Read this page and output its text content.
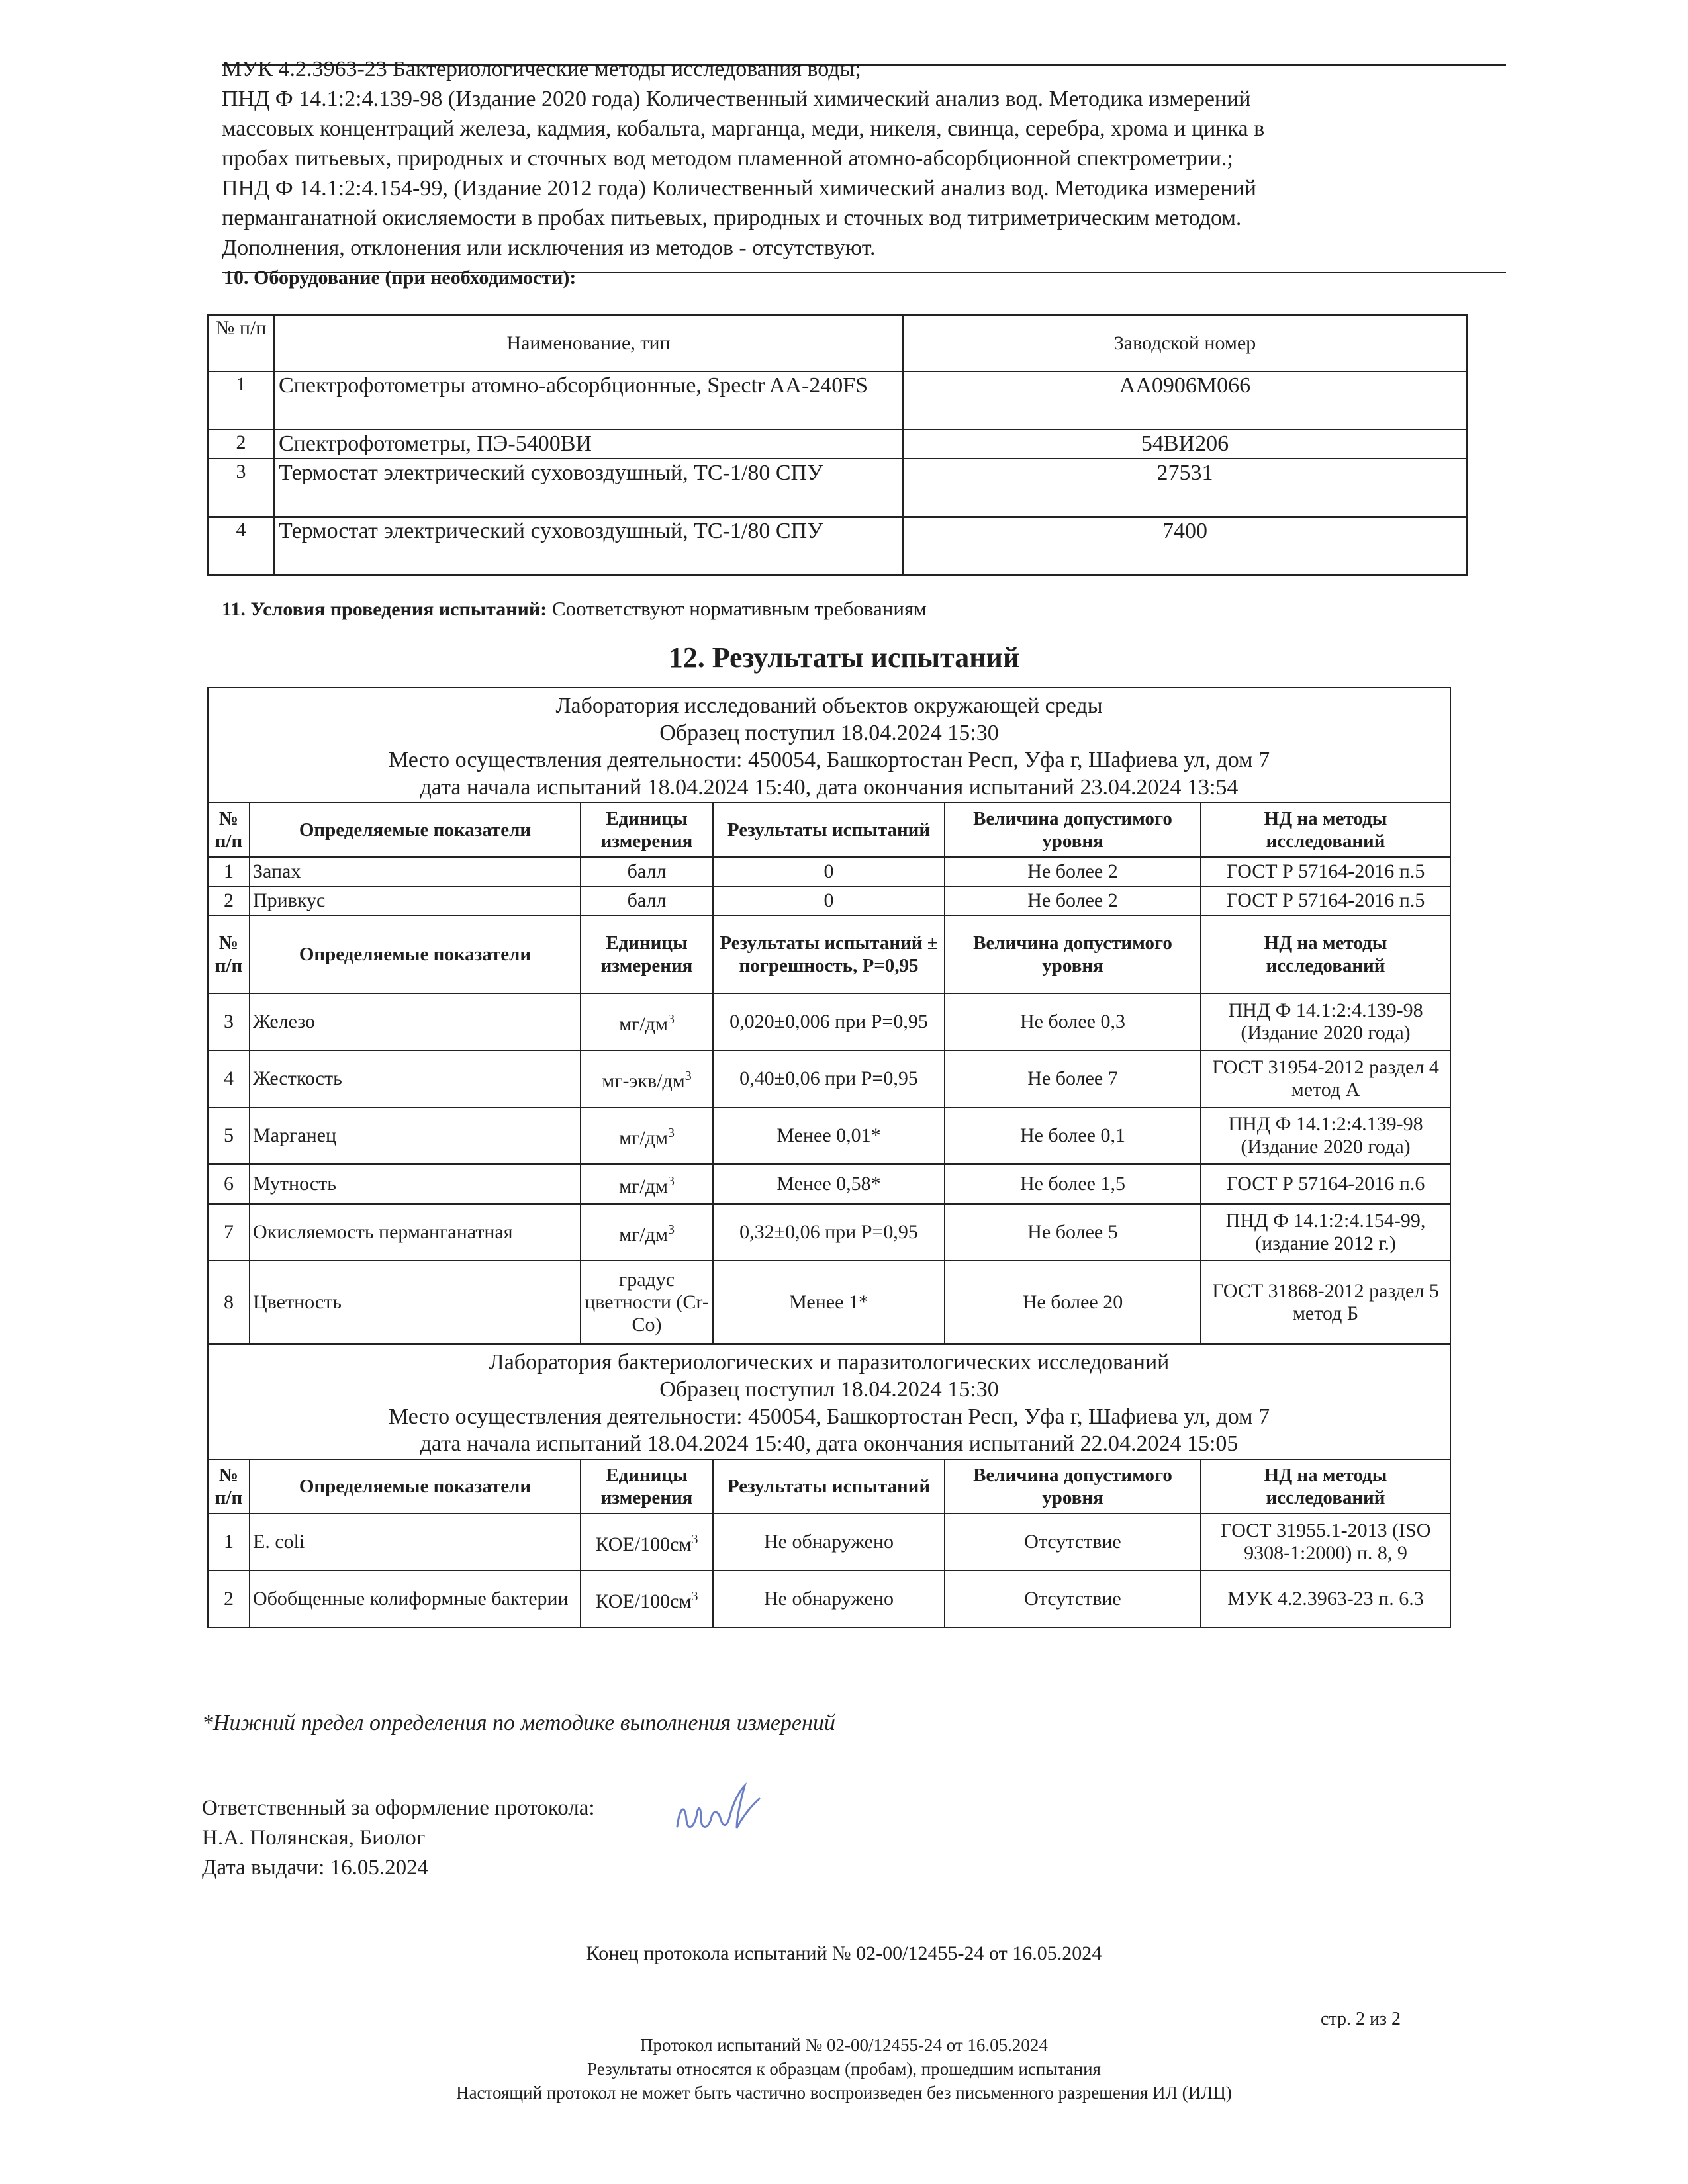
МУК 4.2.3963-23 Бактериологические методы исследования воды;
ПНД Ф 14.1:2:4.139-98 (Издание 2020 года) Количественный химический анализ вод. Методика измерений
массовых концентраций железа, кадмия, кобальта, марганца, меди, никеля, свинца, серебра, хрома и цинка в
пробах питьевых, природных и сточных вод методом пламенной атомно-абсорбционной спектрометрии.;
ПНД Ф 14.1:2:4.154-99, (Издание 2012 года) Количественный химический анализ вод. Методика измерений
перманганатной окисляемости в пробах питьевых, природных и сточных вод титриметрическим методом.
Дополнения, отклонения или исключения из методов - отсутствуют.
10. Оборудование (при необходимости):
№ п/п	Наименование, тип	Заводской номер
1	Спектрофотометры атомно-абсорбционные, Spectr AA-240FS	AA0906M066
2	Спектрофотометры, ПЭ-5400ВИ	54ВИ206
3	Термостат электрический суховоздушный, ТС-1/80 СПУ	27531
4	Термостат электрический суховоздушный, ТС-1/80 СПУ	7400
11. Условия проведения испытаний: Соответствуют нормативным требованиям
12. Результаты испытаний
Лаборатория исследований объектов окружающей среды
Образец поступил 18.04.2024 15:30
Место осуществления деятельности: 450054, Башкортостан Респ, Уфа г, Шафиева ул, дом 7
дата начала испытаний 18.04.2024 15:40, дата окончания испытаний 23.04.2024 13:54					

№ п/п	Определяемые показатели	Единицы измерения	Результаты испытаний	Величина допустимого уровня	НД на методы исследований
1	Запах	балл	0	Не более 2	ГОСТ Р 57164-2016 п.5
2	Привкус	балл	0	Не более 2	ГОСТ Р 57164-2016 п.5
№ п/п	Определяемые показатели	Единицы измерения	Результаты испытаний ± погрешность, Р=0,95	Величина допустимого уровня	НД на методы исследований
3	Железо	$мг/дм^3$	0,020±0,006 при Р=0,95	Не более 0,3	ПНД Ф 14.1:2:4.139-98 (Издание 2020 года)
4	Жесткость	$мг-экв/дм^3$	0,40±0,06 при Р=0,95	Не более 7	ГОСТ 31954-2012 раздел 4 метод А
5	Марганец	$мг/дм^3$	Менее 0,01*	Не более 0,1	ПНД Ф 14.1:2:4.139-98 (Издание 2020 года)
6	Мутность	$мг/дм^3$	Менее 0,58*	Не более 1,5	ГОСТ Р 57164-2016 п.6
7	Окисляемость перманганатная	$мг/дм^3$	0,32±0,06 при Р=0,95	Не более 5	ПНД Ф 14.1:2:4.154-99, (издание 2012 г.)
8	Цветность	градус цветности (Cr-Co)	Менее 1*	Не более 20	ГОСТ 31868-2012 раздел 5 метод Б

Лаборатория бактериологических и паразитологических исследований
Образец поступил 18.04.2024 15:30
Место осуществления деятельности: 450054, Башкортостан Респ, Уфа г, Шафиева ул, дом 7
дата начала испытаний 18.04.2024 15:40, дата окончания испытаний 22.04.2024 15:05					

№ п/п	Определяемые показатели	Единицы измерения	Результаты испытаний	Величина допустимого уровня	НД на методы исследований
1	E. coli	КОЕ/$100см^3$	Не обнаружено	Отсутствие	ГОСТ 31955.1-2013 (ISO 9308-1:2000) п. 8, 9
2	Обобщенные колиформные бактерии	КОЕ/$100см^3$	Не обнаружено	Отсутствие	МУК 4.2.3963-23 п. 6.3
*Нижний предел определения по методике выполнения измерений
Ответственный за оформление протокола:
Н.А. Полянская, Биолог
Дата выдачи: 16.05.2024
Конец протокола испытаний № 02-00/12455-24 от 16.05.2024
стр. 2 из 2
Протокол испытаний № 02-00/12455-24 от 16.05.2024
Результаты относятся к образцам (пробам), прошедшим испытания
Настоящий протокол не может быть частично воспроизведен без письменного разрешения ИЛ (ИЛЦ)
